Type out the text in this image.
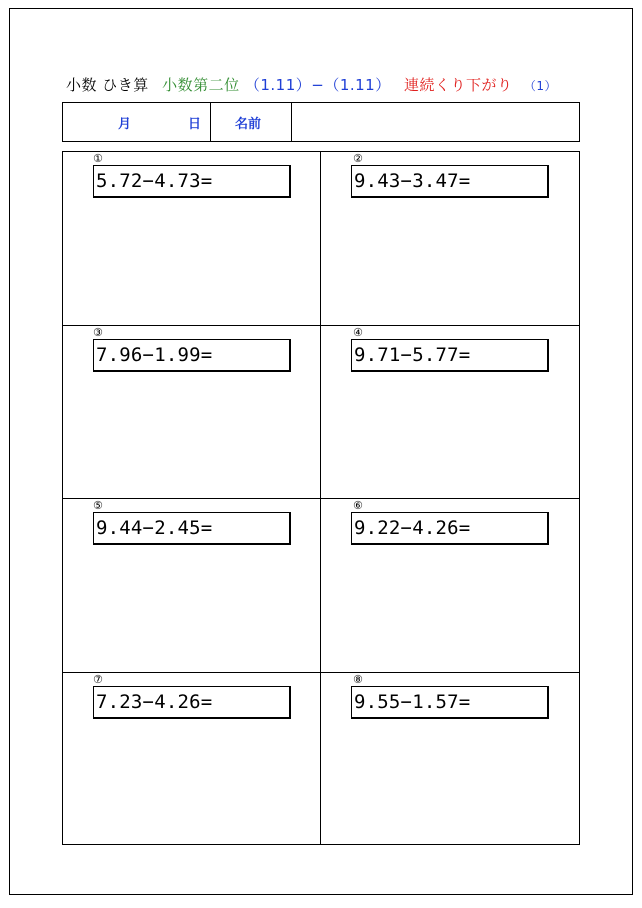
小数 ひき算 小数第二位 （1.11）−（1.11） 連続くり下がり （1）
月	日	名前
①
5.72−4.73=
②
9.43−3.47=
③
7.96−1.99=
④
9.71−5.77=
⑤
9.44−2.45=
⑥
9.22−4.26=
⑦
7.23−4.26=
⑧
9.55−1.57=
